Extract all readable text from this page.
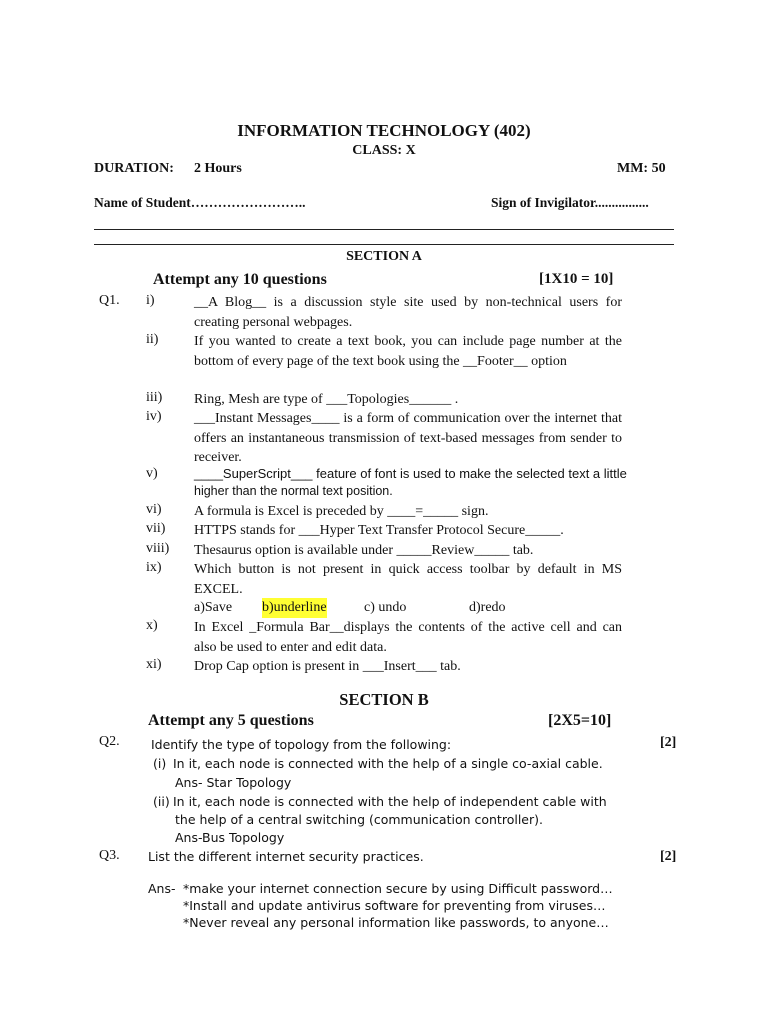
INFORMATION TECHNOLOGY (402)
CLASS: X
DURATION: 2 Hours	MM: 50
Name of Student……………………..	Sign of Invigilator................
SECTION A
Attempt any 10 questions	[1X10 = 10]
Q1. i)	__A Blog__ is a discussion style site used by non-technical users for creating personal webpages.
ii)	If you wanted to create a text book, you can include page number at the bottom of every page of the text book using the __Footer__ option
iii) Ring, Mesh are type of ___Topologies______ .
iv) ___Instant Messages____ is a form of communication over the internet that offers an instantaneous transmission of text-based messages from sender to receiver.
v)	____SuperScript___ feature of font is used to make the selected text a little
higher than the normal text position.
vi) A formula is Excel is preceded by ____=_____ sign.
vii) HTTPS stands for ___Hyper Text Transfer Protocol Secure_____.
viii) Thesaurus option is available under _____Review_____ tab.
ix) Which button is not present in quick access toolbar by default in MS EXCEL.
a)Save b)underline	c) undo	d)redo
x)	In Excel _Formula Bar__displays the contents of the active cell and can also be used to enter and edit data.
xi) Drop Cap option is present in ___Insert___ tab.
SECTION B
Attempt any 5 questions	[2X5=10]
Q2.	Identify the type of topology from the following:	[2]
(i) In it, each node is connected with the help of a single co-axial cable.
Ans- Star Topology
(ii) In it, each node is connected with the help of independent cable with
the help of a central switching (communication controller).
Ans-Bus Topology
Q3. List the different internet security practices.	[2]
Ans- *make your internet connection secure by using Difficult password…
*Install and update antivirus software for preventing from viruses…
*Never reveal any personal information like passwords, to anyone…
